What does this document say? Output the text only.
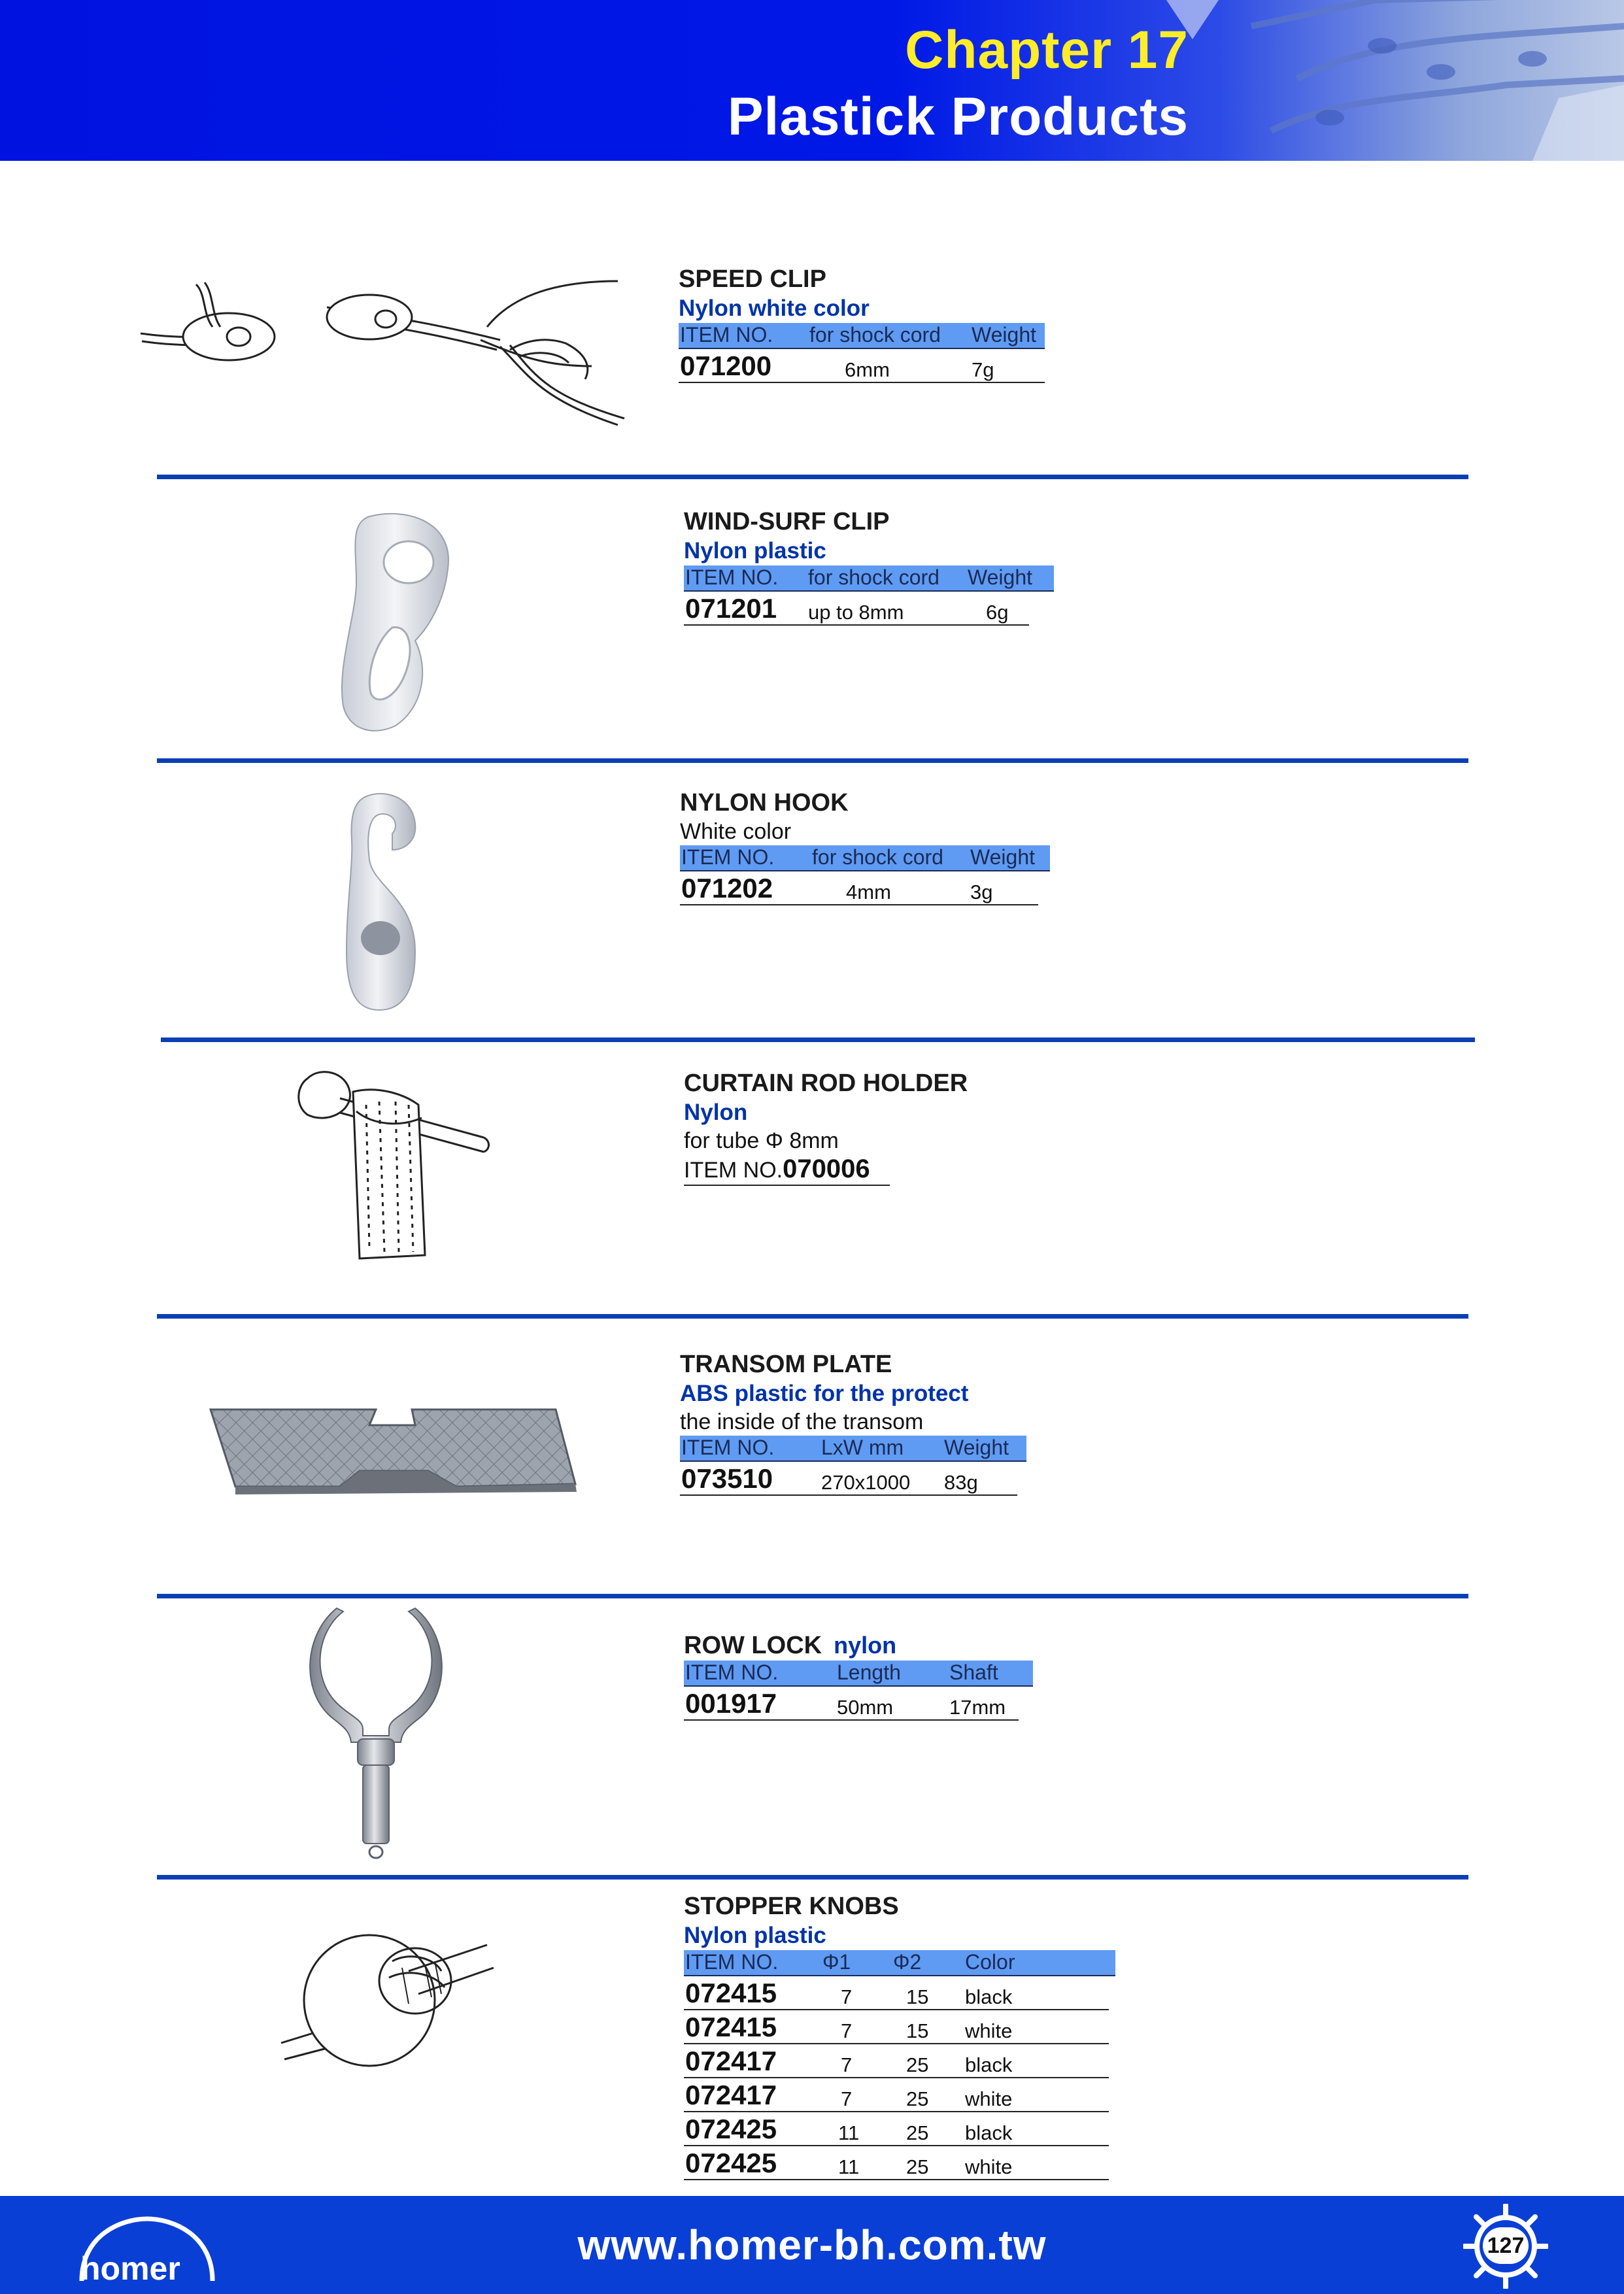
Chapter 17
Plastick Products
SPEED CLIP
Nylon white color
ITEM NO. for shock cord Weight
071200	6mm	7g
WIND-SURF CLIP
Nylon plastic
ITEM NO. for shock cord Weight
071201 up to 8mm	6g
NYLON HOOK
White color
ITEM NO. for shock cord Weight
071202	4mm	3g
CURTAIN ROD HOLDER
Nylon
for tube Φ 8mm
ITEM NO.070006
TRANSOM PLATE
ABS plastic for the protect
the inside of the transom
ITEM NO. LxW mm Weight
073510 270x1000 83g
ROW LOCK nylon
ITEM NO.	Length Shaft
001917	50mm	17mm
STOPPER KNOBS
Nylon plastic
ITEM NO. Φ1 Φ2 Color
072415	7	15 black
072415	7	15 white
072417	7	25 black
072417	7	25 white
072425	11 25 black
072425	11 25 white
homer	www.homer-bh.com.tw	127
